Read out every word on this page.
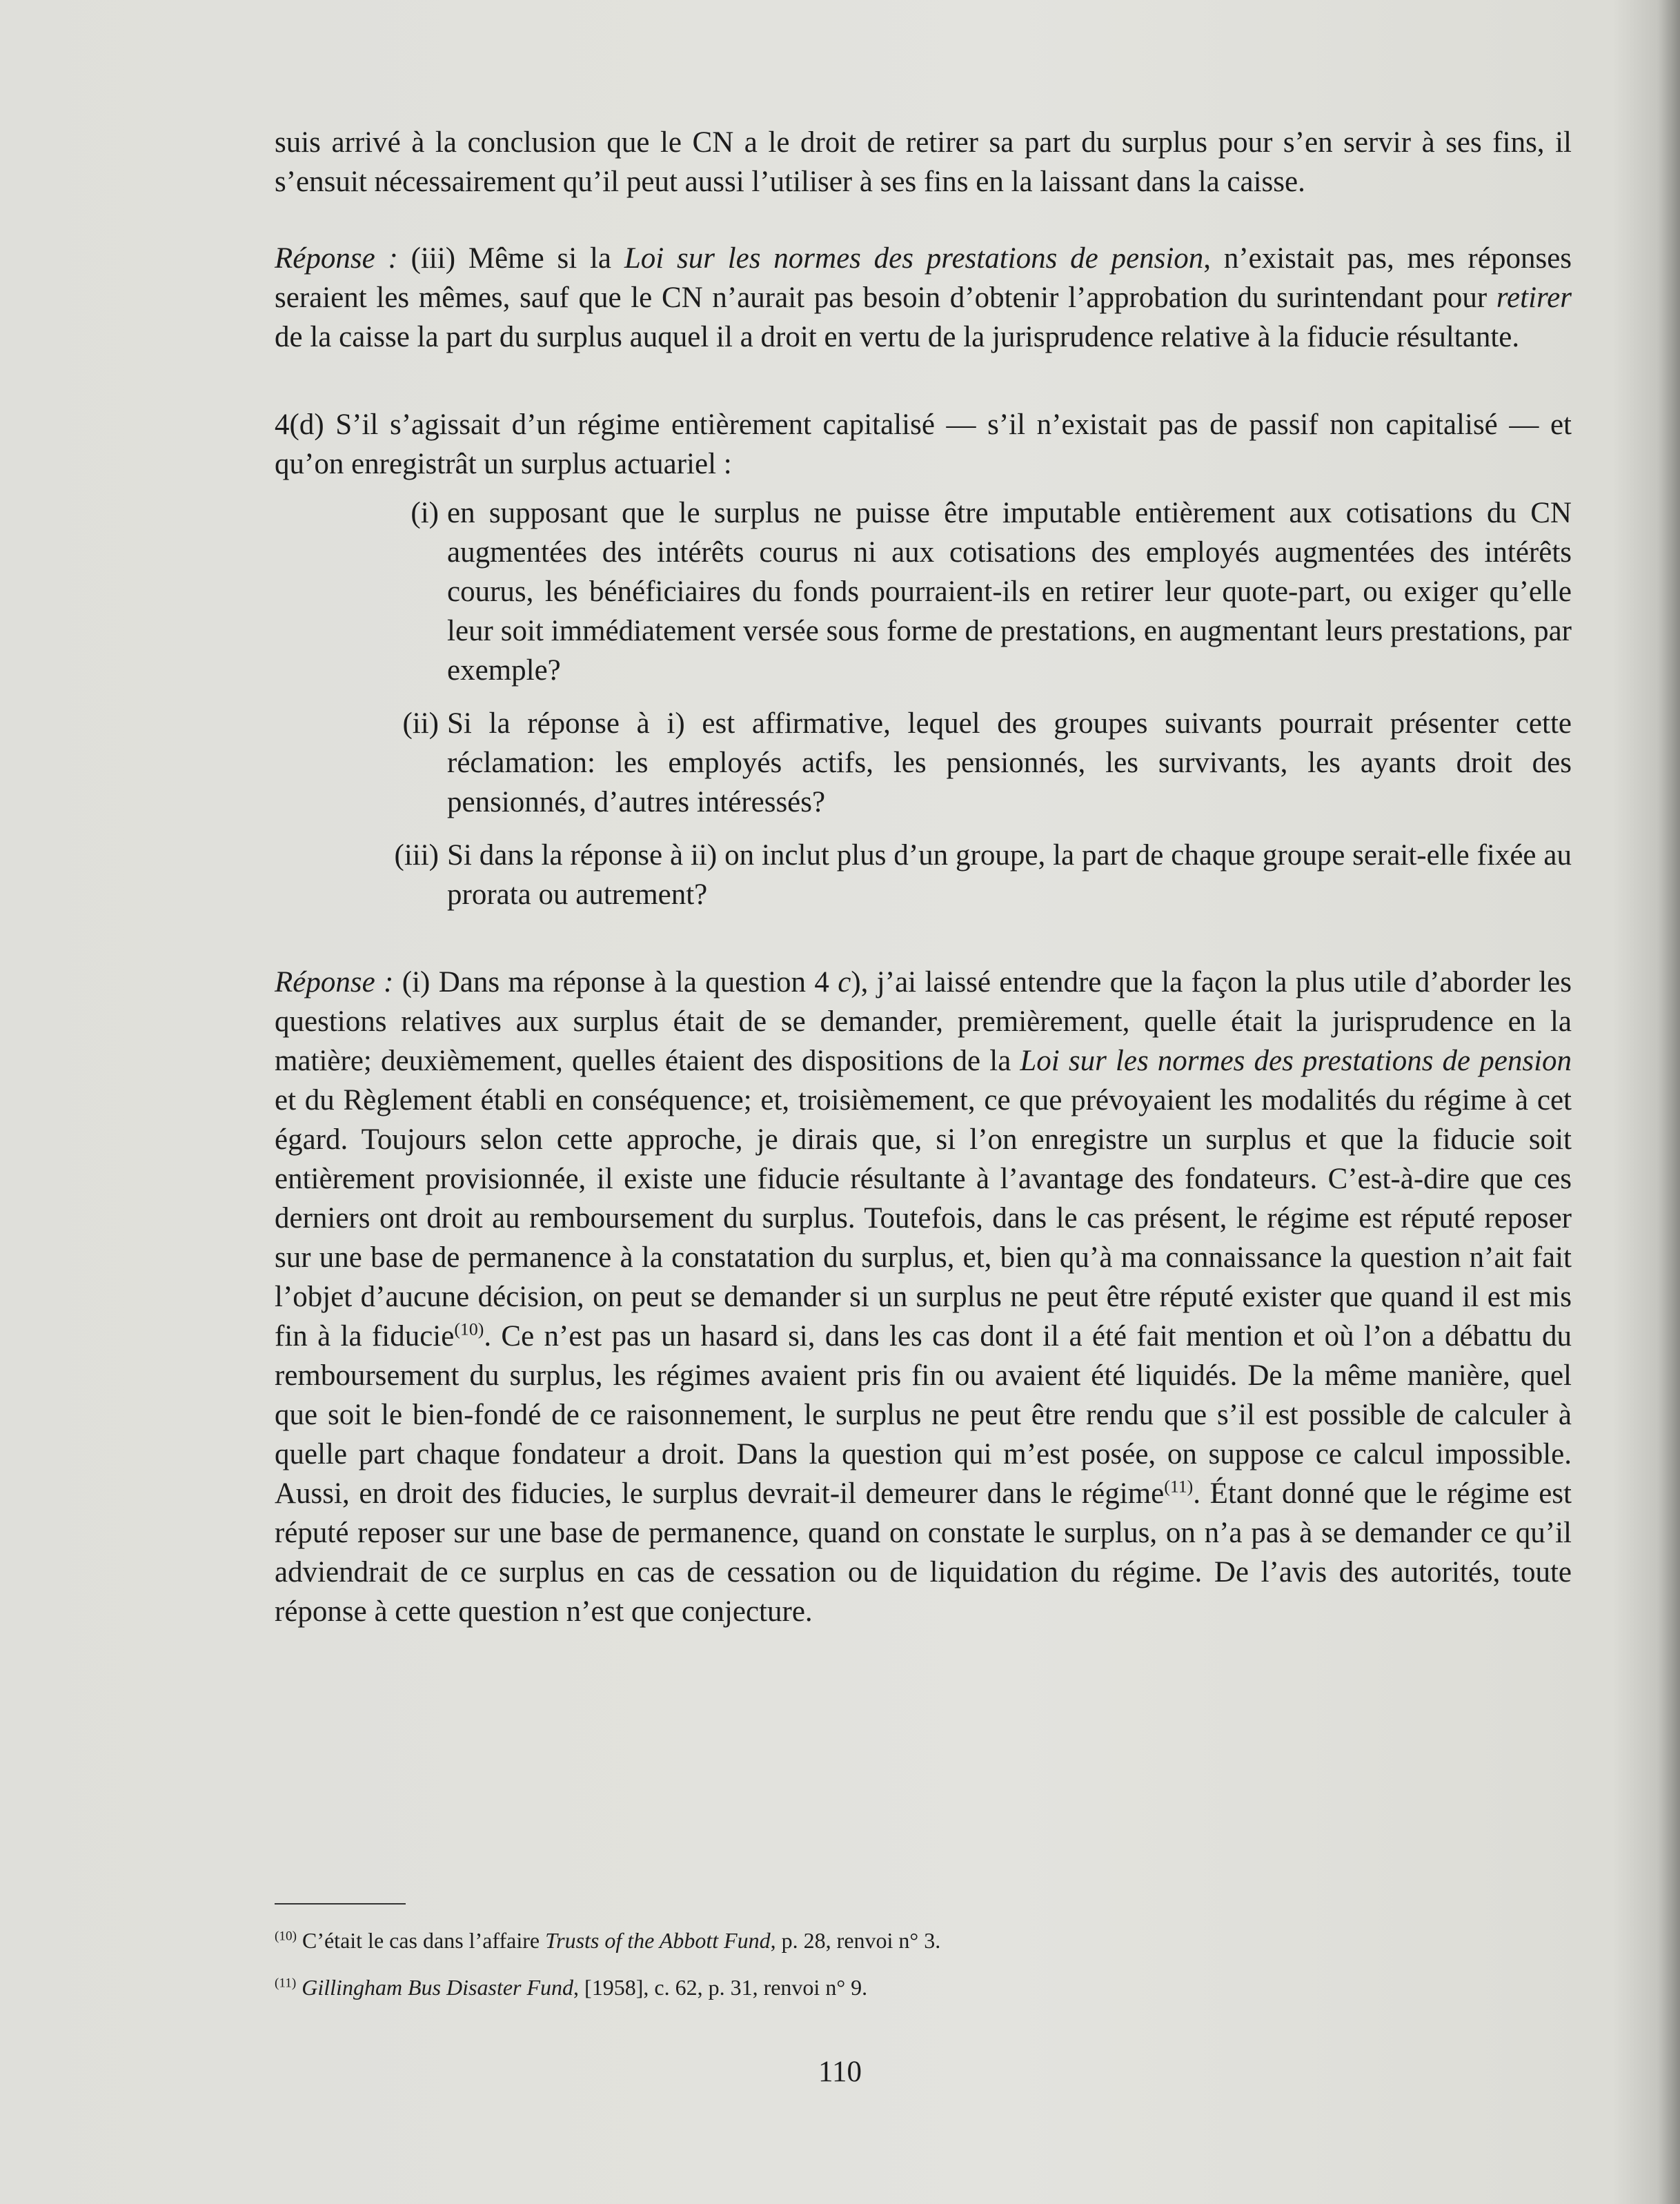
suis arrivé à la conclusion que le CN a le droit de retirer sa part du surplus pour s’en servir à ses fins, il s’ensuit nécessairement qu’il peut aussi l’utiliser à ses fins en la laissant dans la caisse.

Réponse : (iii) Même si la Loi sur les normes des prestations de pension, n’existait pas, mes réponses seraient les mêmes, sauf que le CN n’aurait pas besoin d’obtenir l’approbation du surintendant pour retirer de la caisse la part du surplus auquel il a droit en vertu de la jurisprudence relative à la fiducie résultante.

4(d) S’il s’agissait d’un régime entièrement capitalisé — s’il n’existait pas de passif non capitalisé — et qu’on enregistrât un surplus actuariel :

(i) en supposant que le surplus ne puisse être imputable entièrement aux cotisations du CN augmentées des intérêts courus ni aux cotisations des employés augmentées des intérêts courus, les bénéficiaires du fonds pourraient-ils en retirer leur quote-part, ou exiger qu’elle leur soit immédiatement versée sous forme de prestations, en augmentant leurs prestations, par exemple?
(ii) Si la réponse à i) est affirmative, lequel des groupes suivants pourrait présenter cette réclamation: les employés actifs, les pensionnés, les survivants, les ayants droit des pensionnés, d’autres intéressés?
(iii) Si dans la réponse à ii) on inclut plus d’un groupe, la part de chaque groupe serait-elle fixée au prorata ou autrement?

Réponse : (i) Dans ma réponse à la question 4 c), j’ai laissé entendre que la façon la plus utile d’aborder les questions relatives aux surplus était de se demander, premièrement, quelle était la jurisprudence en la matière; deuxièmement, quelles étaient des dispositions de la Loi sur les normes des prestations de pension et du Règlement établi en conséquence; et, troisièmement, ce que prévoyaient les modalités du régime à cet égard. Toujours selon cette approche, je dirais que, si l’on enregistre un surplus et que la fiducie soit entièrement provisionnée, il existe une fiducie résultante à l’avantage des fondateurs. C’est-à-dire que ces derniers ont droit au remboursement du surplus. Toutefois, dans le cas présent, le régime est réputé reposer sur une base de permanence à la constatation du surplus, et, bien qu’à ma connaissance la question n’ait fait l’objet d’aucune décision, on peut se demander si un surplus ne peut être réputé exister que quand il est mis fin à la fiducie$^{(10)}$. Ce n’est pas un hasard si, dans les cas dont il a été fait mention et où l’on a débattu du remboursement du surplus, les régimes avaient pris fin ou avaient été liquidés. De la même manière, quel que soit le bien-fondé de ce raisonnement, le surplus ne peut être rendu que s’il est possible de calculer à quelle part chaque fondateur a droit. Dans la question qui m’est posée, on suppose ce calcul impossible. Aussi, en droit des fiducies, le surplus devrait-il demeurer dans le régime$^{(11)}$. Étant donné que le régime est réputé reposer sur une base de permanence, quand on constate le surplus, on n’a pas à se demander ce qu’il adviendrait de ce surplus en cas de cessation ou de liquidation du régime. De l’avis des autorités, toute réponse à cette question n’est que conjecture.

$^{(10)}$ C’était le cas dans l’affaire Trusts of the Abbott Fund, p. 28, renvoi n° 3.

$^{(11)}$ Gillingham Bus Disaster Fund, [1958], c. 62, p. 31, renvoi n° 9.

110
